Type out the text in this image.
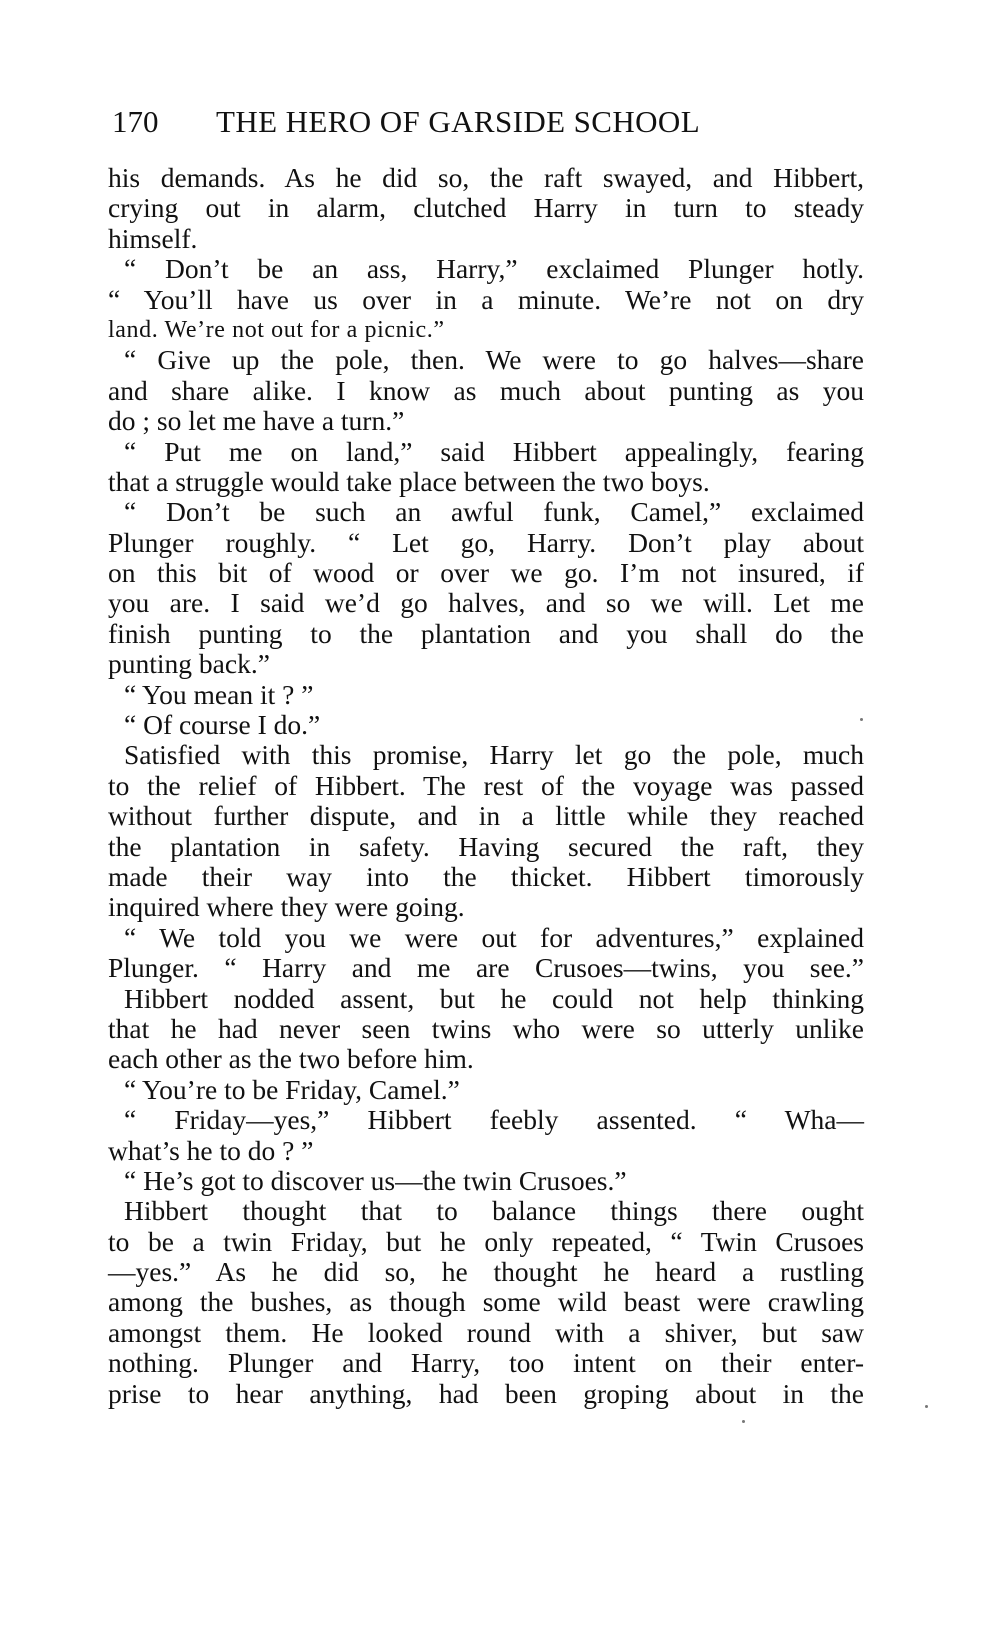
170 THE HERO OF GARSIDE SCHOOL
his demands. As he did so, the raft swayed, and Hibbert,
crying out in alarm, clutched Harry in turn to steady
himself.
“ Don’t be an ass, Harry,” exclaimed Plunger hotly.
“ You’ll have us over in a minute. We’re not on dry
land. We’re not out for a picnic.”
“ Give up the pole, then. We were to go halves—share
and share alike. I know as much about punting as you
do ; so let me have a turn.”
“ Put me on land,” said Hibbert appealingly, fearing
that a struggle would take place between the two boys.
“ Don’t be such an awful funk, Camel,” exclaimed
Plunger roughly. “ Let go, Harry. Don’t play about
on this bit of wood or over we go. I’m not insured, if
you are. I said we’d go halves, and so we will. Let me
finish punting to the plantation and you shall do the
punting back.”
“ You mean it ? ”
“ Of course I do.”
Satisfied with this promise, Harry let go the pole, much
to the relief of Hibbert. The rest of the voyage was passed
without further dispute, and in a little while they reached
the plantation in safety. Having secured the raft, they
made their way into the thicket. Hibbert timorously
inquired where they were going.
“ We told you we were out for adventures,” explained
Plunger. “ Harry and me are Crusoes—twins, you see.”
Hibbert nodded assent, but he could not help thinking
that he had never seen twins who were so utterly unlike
each other as the two before him.
“ You’re to be Friday, Camel.”
“ Friday—yes,” Hibbert feebly assented. “ Wha—
what’s he to do ? ”
“ He’s got to discover us—the twin Crusoes.”
Hibbert thought that to balance things there ought
to be a twin Friday, but he only repeated, “ Twin Crusoes
—yes.” As he did so, he thought he heard a rustling
among the bushes, as though some wild beast were crawling
amongst them. He looked round with a shiver, but saw
nothing. Plunger and Harry, too intent on their enter-
prise to hear anything, had been groping about in the
